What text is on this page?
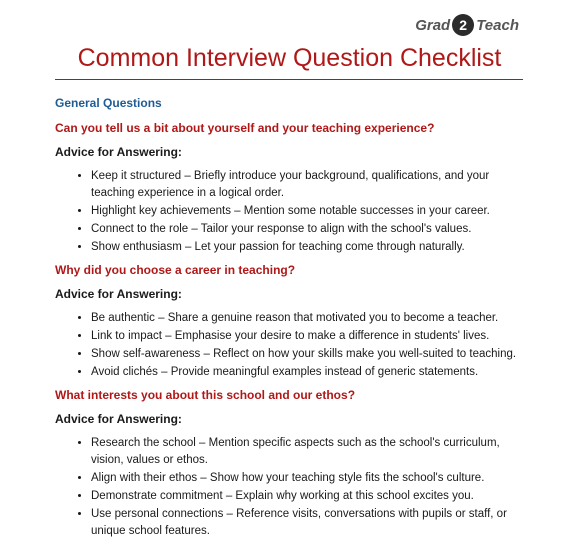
Grad 2 Teach
Common Interview Question Checklist
General Questions
Can you tell us a bit about yourself and your teaching experience?
Advice for Answering:
• Keep it structured – Briefly introduce your background, qualifications, and your teaching experience in a logical order.
• Highlight key achievements – Mention some notable successes in your career.
• Connect to the role – Tailor your response to align with the school's values.
• Show enthusiasm – Let your passion for teaching come through naturally.
Why did you choose a career in teaching?
Advice for Answering:
• Be authentic – Share a genuine reason that motivated you to become a teacher.
• Link to impact – Emphasise your desire to make a difference in students' lives.
• Show self-awareness – Reflect on how your skills make you well-suited to teaching.
• Avoid clichés – Provide meaningful examples instead of generic statements.
What interests you about this school and our ethos?
Advice for Answering:
• Research the school – Mention specific aspects such as the school's curriculum, vision, values or ethos.
• Align with their ethos – Show how your teaching style fits the school's culture.
• Demonstrate commitment – Explain why working at this school excites you.
• Use personal connections – Reference visits, conversations with pupils or staff, or unique school features.
